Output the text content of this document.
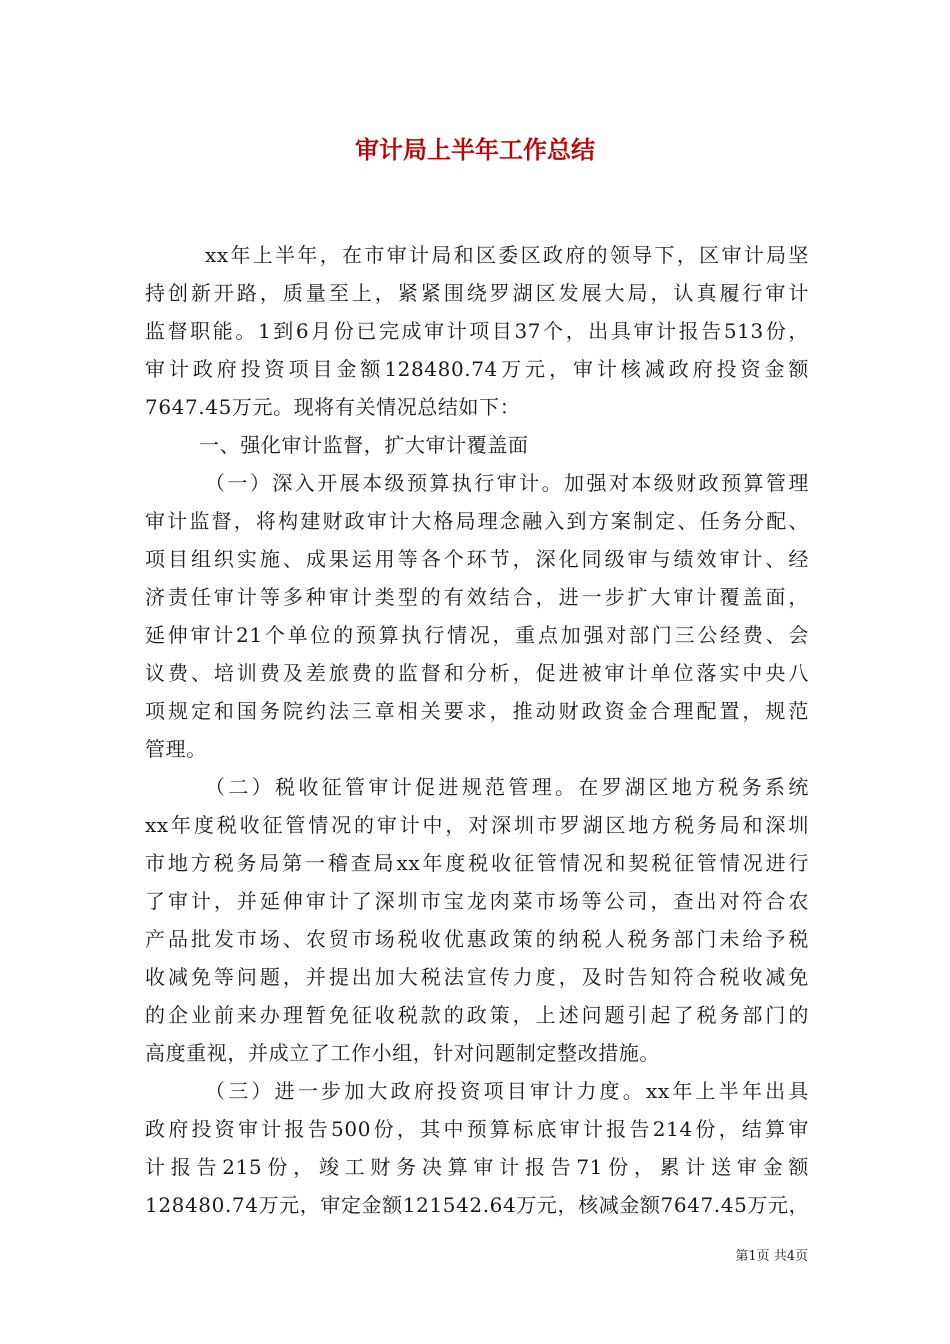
审计局上半年工作总结
xx年上半年，在市审计局和区委区政府的领导下，区审计局坚
持创新开路，质量至上，紧紧围绕罗湖区发展大局，认真履行审计
监督职能。1到6月份已完成审计项目37个，出具审计报告513份，
审计政府投资项目金额128480.74万元，审计核减政府投资金额
7647.45万元。现将有关情况总结如下：
一、强化审计监督，扩大审计覆盖面
（一）深入开展本级预算执行审计。加强对本级财政预算管理
审计监督，将构建财政审计大格局理念融入到方案制定、任务分配、
项目组织实施、成果运用等各个环节，深化同级审与绩效审计、经
济责任审计等多种审计类型的有效结合，进一步扩大审计覆盖面，
延伸审计21个单位的预算执行情况，重点加强对部门三公经费、会
议费、培训费及差旅费的监督和分析，促进被审计单位落实中央八
项规定和国务院约法三章相关要求，推动财政资金合理配置，规范
管理。
（二）税收征管审计促进规范管理。在罗湖区地方税务系统
xx年度税收征管情况的审计中，对深圳市罗湖区地方税务局和深圳
市地方税务局第一稽查局xx年度税收征管情况和契税征管情况进行
了审计，并延伸审计了深圳市宝龙肉菜市场等公司，查出对符合农
产品批发市场、农贸市场税收优惠政策的纳税人税务部门未给予税
收减免等问题，并提出加大税法宣传力度，及时告知符合税收减免
的企业前来办理暂免征收税款的政策，上述问题引起了税务部门的
高度重视，并成立了工作小组，针对问题制定整改措施。
（三）进一步加大政府投资项目审计力度。xx年上半年出具
政府投资审计报告500份，其中预算标底审计报告214份，结算审
计报告215份，竣工财务决算审计报告71份，累计送审金额
128480.74万元，审定金额121542.64万元，核减金额7647.45万元，
第1页 共4页
